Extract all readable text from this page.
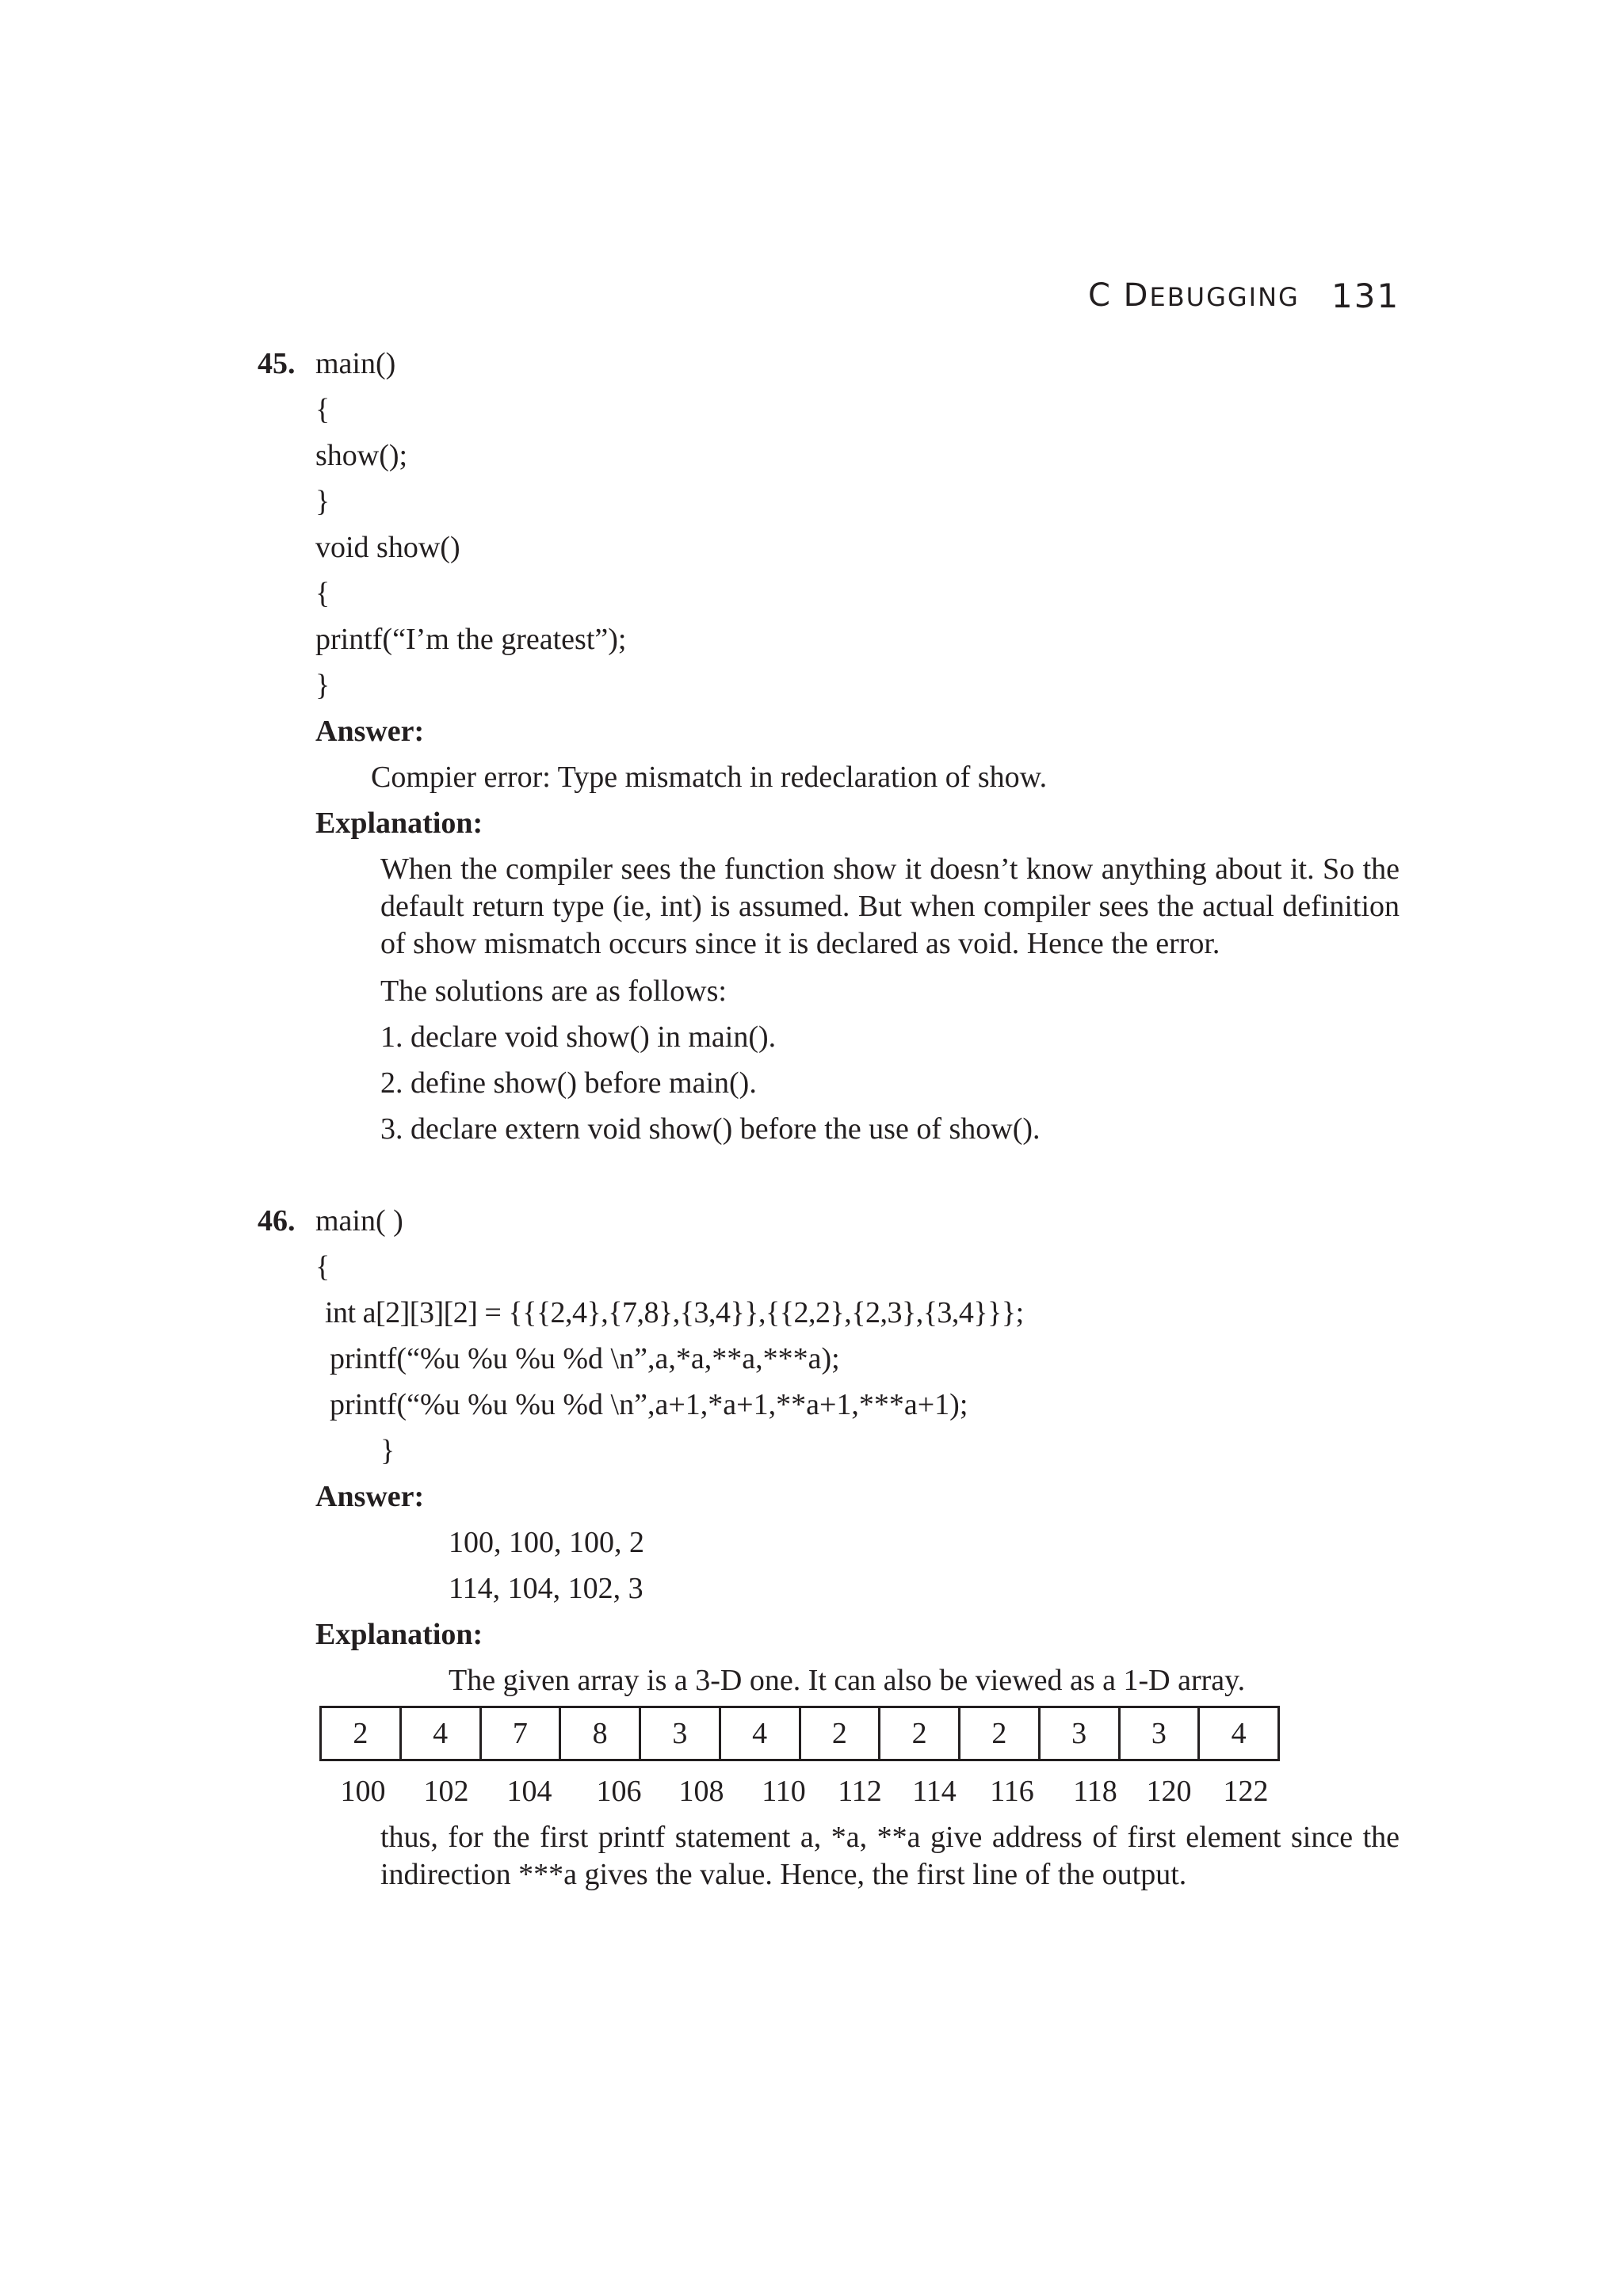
C DEBUGGING 131
45. main()
{
show();
}
void show()
{
printf(“I’m the greatest”);
}
Answer:
Compier error: Type mismatch in redeclaration of show.
Explanation:
When the compiler sees the function show it doesn’t know anything about it. So the default return type (ie, int) is assumed. But when compiler sees the actual definition of show mismatch occurs since it is declared as void. Hence the error.
The solutions are as follows:
1. declare void show() in main().
2. define show() before main().
3. declare extern void show() before the use of show().
46. main( )
{
int a[2][3][2] = {{{2,4},{7,8},{3,4}},{{2,2},{2,3},{3,4}}};
printf(“%u %u %u %d \n”,a,*a,**a,***a);
printf(“%u %u %u %d \n”,a+1,*a+1,**a+1,***a+1);
}
Answer:
100, 100, 100, 2
114, 104, 102, 3
Explanation:
The given array is a 3-D one. It can also be viewed as a 1-D array.
2	4	7	8	3	4	2	2	2	3	3	4
100	102	104	106	108	110	112	114	116	118 120	122
thus, for the first printf statement a, *a, **a give address of first element since the indirection ***a gives the value. Hence, the first line of the output.
